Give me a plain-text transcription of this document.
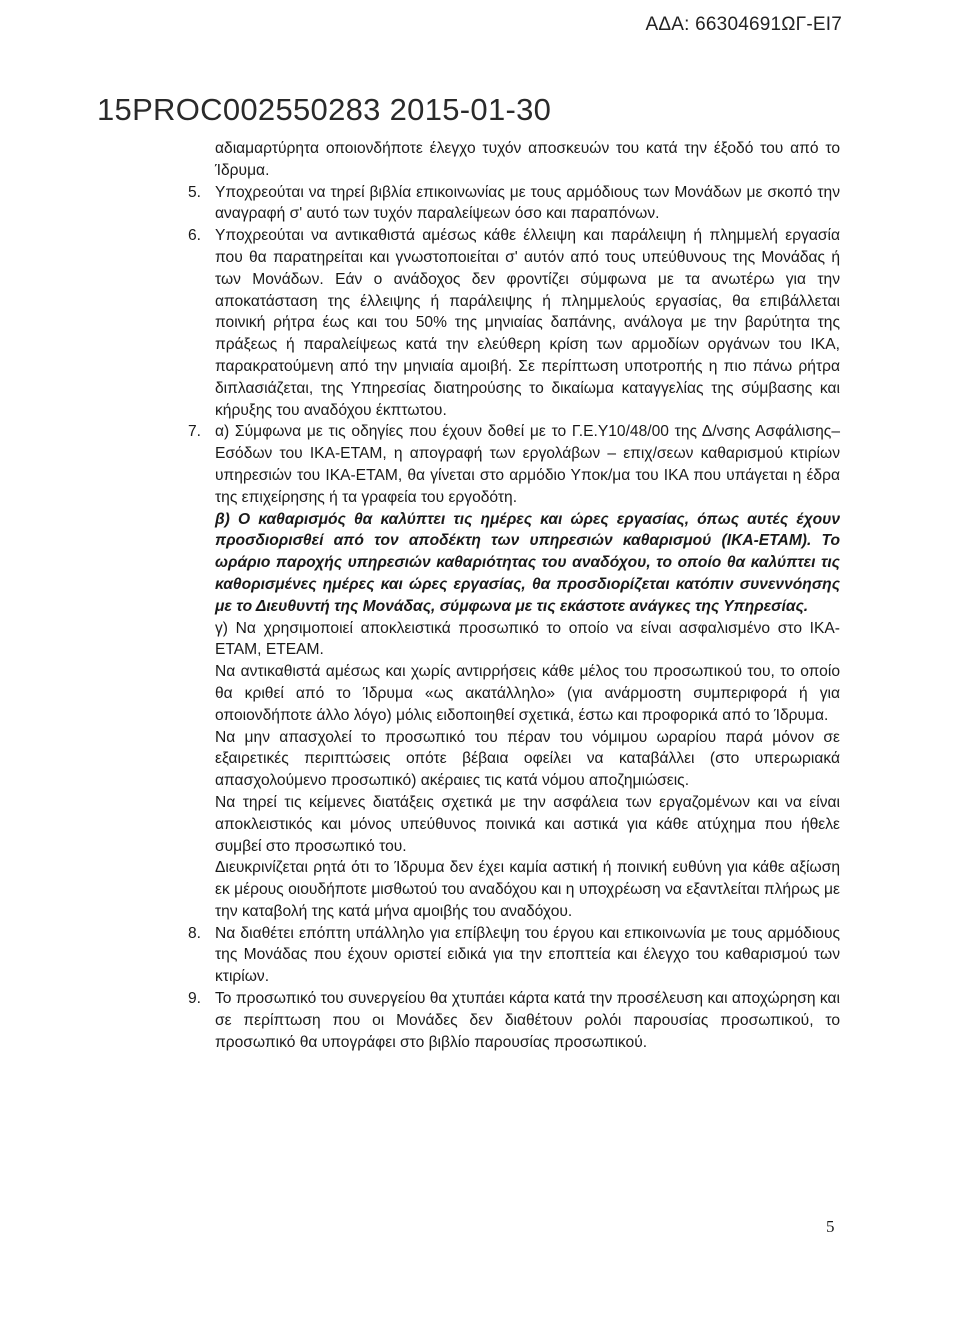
ΑΔΑ: 66304691ΩΓ-ΕΙ7
15PROC002550283 2015-01-30

αδιαμαρτύρητα οποιονδήποτε έλεγχο τυχόν αποσκευών του κατά την έξοδό του από το Ίδρυμα.

5. Υποχρεούται να τηρεί βιβλία επικοινωνίας με τους αρμόδιους των Μονάδων με σκοπό την αναγραφή σ' αυτό των τυχόν παραλείψεων όσο και παραπόνων.

6. Υποχρεούται να αντικαθιστά αμέσως κάθε έλλειψη και παράλειψη ή πλημμελή εργασία που θα παρατηρείται και γνωστοποιείται σ' αυτόν από τους υπεύθυνους της Μονάδας ή των Μονάδων. Εάν ο ανάδοχος δεν φροντίζει σύμφωνα με τα ανωτέρω για την αποκατάσταση της έλλειψης ή παράλειψης ή πλημμελούς εργασίας, θα επιβάλλεται ποινική ρήτρα έως και του 50% της μηνιαίας δαπάνης, ανάλογα με την βαρύτητα της πράξεως ή παραλείψεως κατά την ελεύθερη κρίση των αρμοδίων οργάνων του ΙΚΑ, παρακρατούμενη από την μηνιαία αμοιβή. Σε περίπτωση υποτροπής η πιο πάνω ρήτρα διπλασιάζεται, της Υπηρεσίας διατηρούσης το δικαίωμα καταγγελίας της σύμβασης και κήρυξης του αναδόχου έκπτωτου.

7. α) Σύμφωνα με τις οδηγίες που έχουν δοθεί με το Γ.Ε.Υ10/48/00 της Δ/νσης Ασφάλισης–Εσόδων του ΙΚΑ-ΕΤΑΜ, η απογραφή των εργολάβων – επιχ/σεων καθαρισμού κτιρίων υπηρεσιών του ΙΚΑ-ΕΤΑΜ, θα γίνεται στο αρμόδιο Υποκ/μα του ΙΚΑ που υπάγεται η έδρα της επιχείρησης ή τα γραφεία του εργοδότη.

β) Ο καθαρισμός θα καλύπτει τις ημέρες και ώρες εργασίας, όπως αυτές έχουν προσδιορισθεί από τον αποδέκτη των υπηρεσιών καθαρισμού (ΙΚΑ-ΕΤΑΜ). Το ωράριο παροχής υπηρεσιών καθαριότητας του αναδόχου, το οποίο θα καλύπτει τις καθορισμένες ημέρες και ώρες εργασίας, θα προσδιορίζεται κατόπιν συνεννόησης με το Διευθυντή της Μονάδας, σύμφωνα με τις εκάστοτε ανάγκες της Υπηρεσίας.

γ) Να χρησιμοποιεί αποκλειστικά προσωπικό το οποίο να είναι ασφαλισμένο στο ΙΚΑ-ΕΤΑΜ, ΕΤΕΑΜ.

Να αντικαθιστά αμέσως και χωρίς αντιρρήσεις κάθε μέλος του προσωπικού του, το οποίο θα κριθεί από το Ίδρυμα «ως ακατάλληλο» (για ανάρμοστη συμπεριφορά ή για οποιονδήποτε άλλο λόγο) μόλις ειδοποιηθεί σχετικά, έστω και προφορικά από το Ίδρυμα.

Να μην απασχολεί το προσωπικό του πέραν του νόμιμου ωραρίου παρά μόνον σε εξαιρετικές περιπτώσεις οπότε βέβαια οφείλει να καταβάλλει (στο υπερωριακά απασχολούμενο προσωπικό) ακέραιες τις κατά νόμου αποζημιώσεις.

Να τηρεί τις κείμενες διατάξεις σχετικά με την ασφάλεια των εργαζομένων και να είναι αποκλειστικός και μόνος υπεύθυνος ποινικά και αστικά για κάθε ατύχημα που ήθελε συμβεί στο προσωπικό του.

Διευκρινίζεται ρητά ότι το Ίδρυμα δεν έχει καμία αστική ή ποινική ευθύνη για κάθε αξίωση εκ μέρους οιουδήποτε μισθωτού του αναδόχου και η υποχρέωση να εξαντλείται πλήρως με την καταβολή της κατά μήνα αμοιβής του αναδόχου.

8. Να διαθέτει επόπτη υπάλληλο για επίβλεψη του έργου και επικοινωνία με τους αρμόδιους της Μονάδας που έχουν οριστεί ειδικά για την εποπτεία και έλεγχο του καθαρισμού των κτιρίων.

9. Το προσωπικό του συνεργείου θα χτυπάει κάρτα κατά την προσέλευση και αποχώρηση και σε περίπτωση που οι Μονάδες δεν διαθέτουν ρολόι παρουσίας προσωπικού, το προσωπικό θα υπογράφει στο βιβλίο παρουσίας προσωπικού.

5
